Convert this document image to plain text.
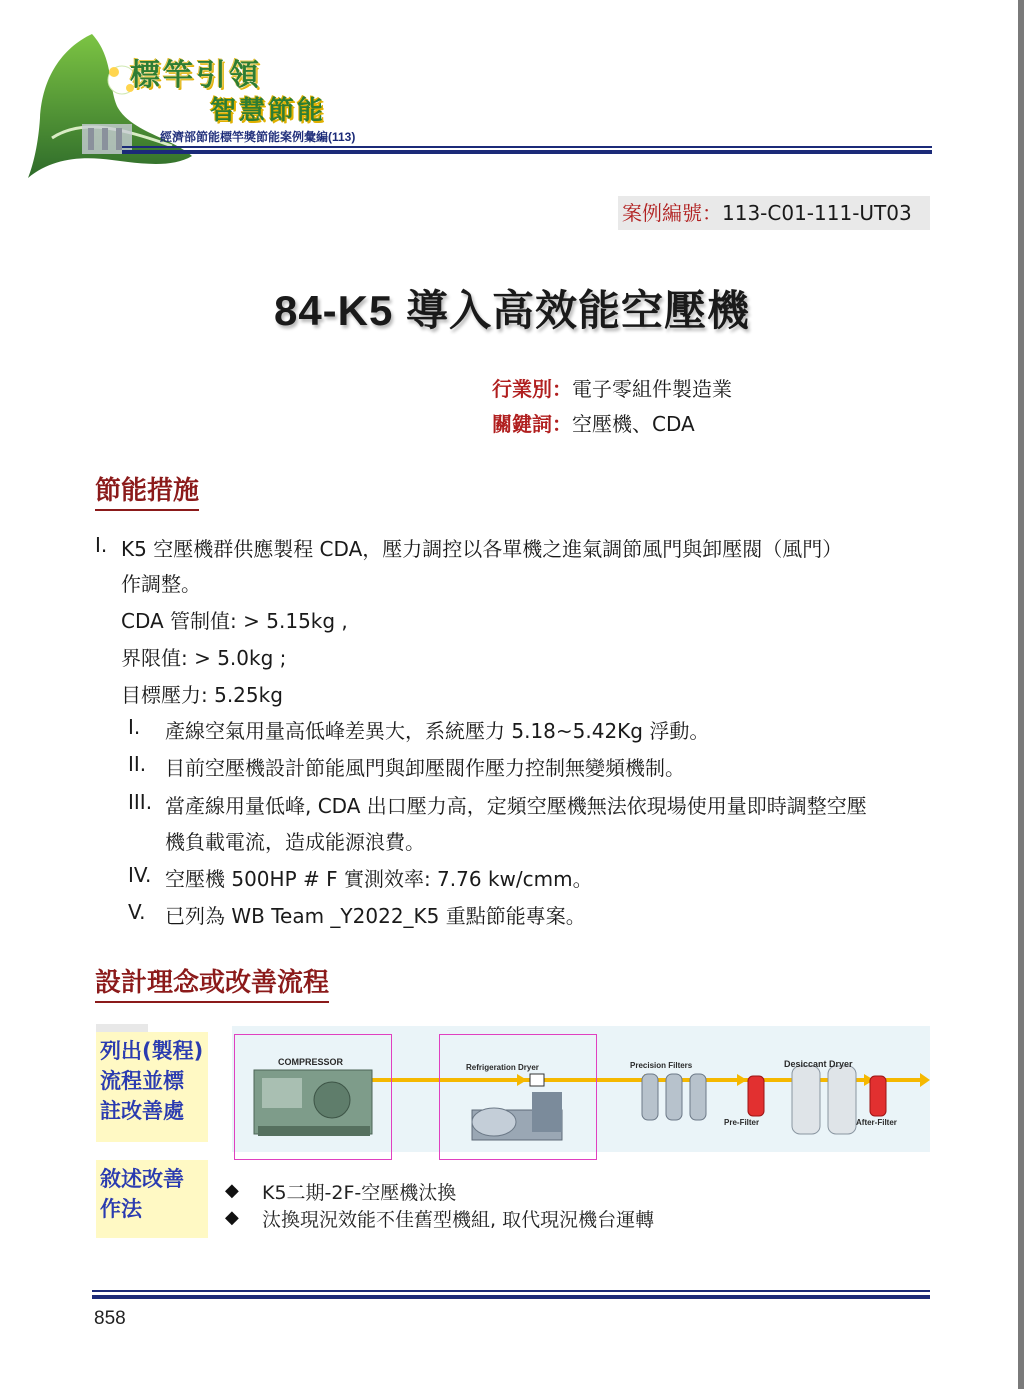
標竿引領
智慧節能
經濟部節能標竿獎節能案例彙編(113)
案例編號：113-C01-111-UT03
84-K5 導入高效能空壓機
行業別：電子零組件製造業
關鍵詞：空壓機、CDA
節能措施
I. K5 空壓機群供應製程 CDA，壓力調控以各單機之進氣調節風門與卸壓閥（風門）
作調整。
CDA 管制值: > 5.15kg ,
界限值: > 5.0kg ;
目標壓力: 5.25kg
I. 產線空氣用量高低峰差異大，系統壓力 5.18~5.42Kg 浮動。
II. 目前空壓機設計節能風門與卸壓閥作壓力控制無變頻機制。
III. 當產線用量低峰, CDA 出口壓力高，定頻空壓機無法依現場使用量即時調整空壓
機負載電流，造成能源浪費。
IV. 空壓機 500HP # F 實測效率: 7.76 kw/cmm。
V. 已列為 WB Team _Y2022_K5 重點節能專案。
設計理念或改善流程
列出(製程)流程並標註改善處
敘述改善作法
COMPRESSOR
Refrigeration Dryer	Precision Filters	Desiccant Dryer
Pre-Filter	After-Filter
◆ K5二期-2F-空壓機汰換
◆ 汰換現況效能不佳舊型機組, 取代現況機台運轉
858
